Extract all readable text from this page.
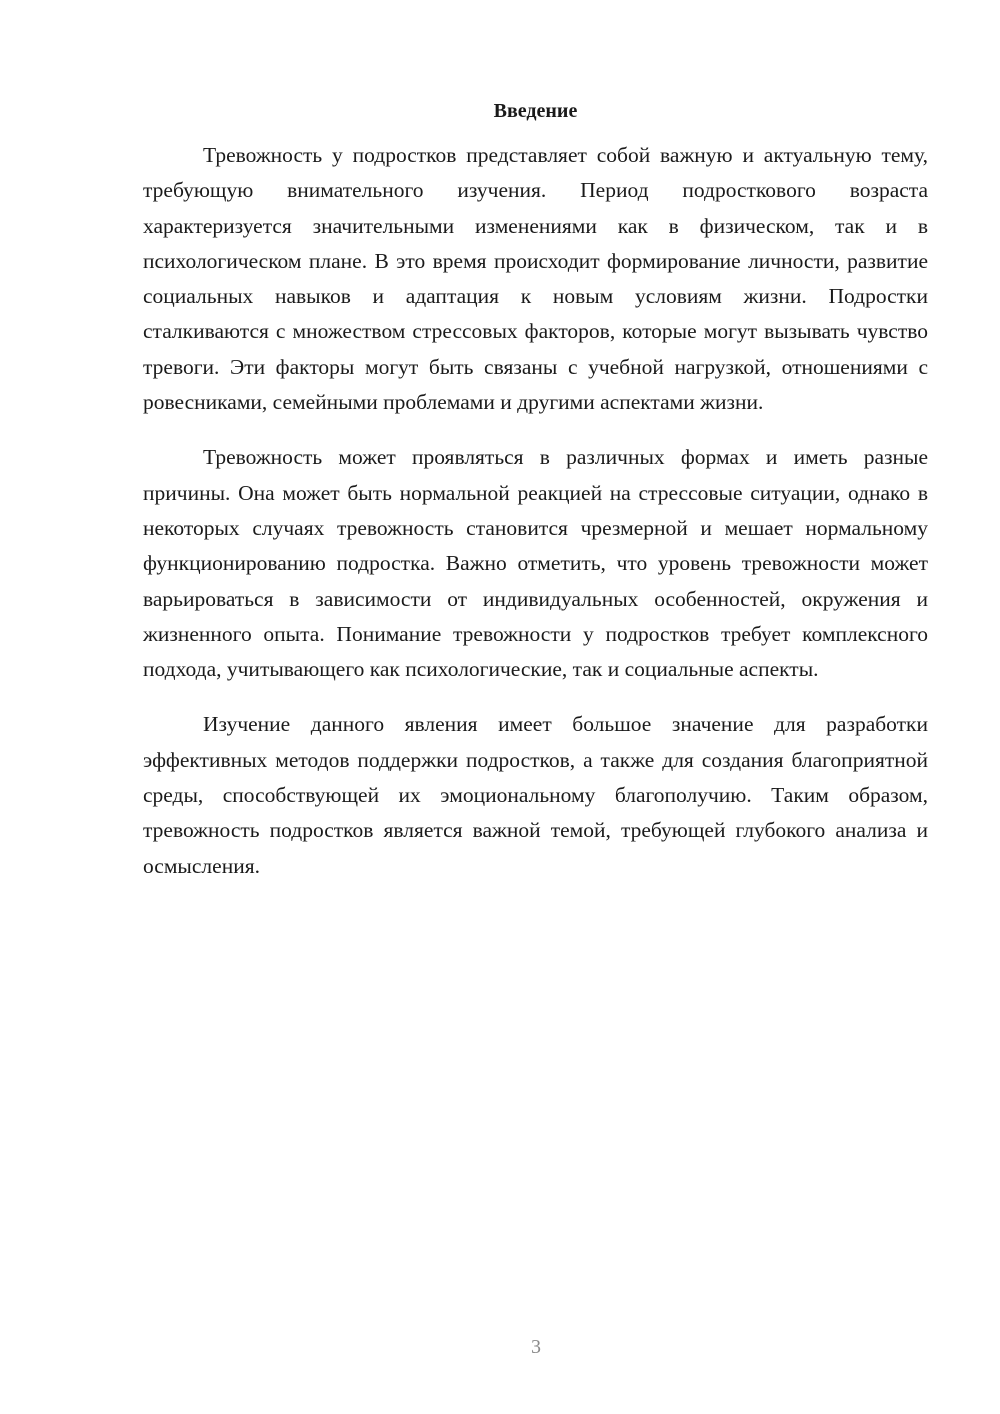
Введение

Тревожность у подростков представляет собой важную и актуальную тему, требующую внимательного изучения. Период подросткового возраста характеризуется значительными изменениями как в физическом, так и в психологическом плане. В это время происходит формирование личности, развитие социальных навыков и адаптация к новым условиям жизни. Подростки сталкиваются с множеством стрессовых факторов, которые могут вызывать чувство тревоги. Эти факторы могут быть связаны с учебной нагрузкой, отношениями с ровесниками, семейными проблемами и другими аспектами жизни.

Тревожность может проявляться в различных формах и иметь разные причины. Она может быть нормальной реакцией на стрессовые ситуации, однако в некоторых случаях тревожность становится чрезмерной и мешает нормальному функционированию подростка. Важно отметить, что уровень тревожности может варьироваться в зависимости от индивидуальных особенностей, окружения и жизненного опыта. Понимание тревожности у подростков требует комплексного подхода, учитывающего как психологические, так и социальные аспекты.

Изучение данного явления имеет большое значение для разработки эффективных методов поддержки подростков, а также для создания благоприятной среды, способствующей их эмоциональному благополучию. Таким образом, тревожность подростков является важной темой, требующей глубокого анализа и осмысления.

3
